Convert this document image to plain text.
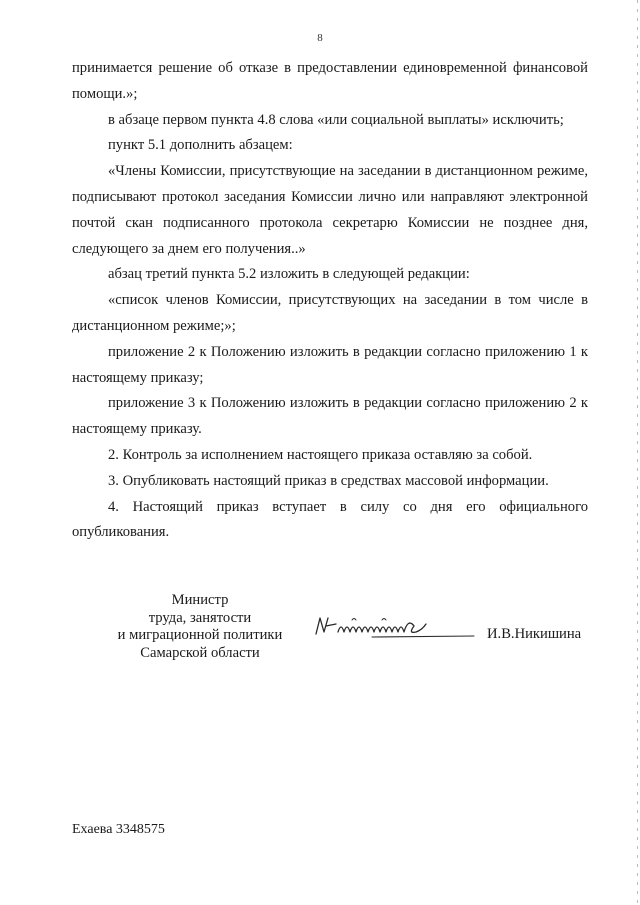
8

принимается решение об отказе в предоставлении единовременной финансовой помощи.»;

в абзаце первом пункта 4.8 слова «или социальной выплаты» исключить;

пункт 5.1 дополнить абзацем:

«Члены Комиссии, присутствующие на заседании в дистанционном режиме, подписывают протокол заседания Комиссии лично или направляют электронной почтой скан подписанного протокола секретарю Комиссии не позднее дня, следующего за днем его получения..»

абзац третий пункта 5.2 изложить в следующей редакции:

«список членов Комиссии, присутствующих на заседании в том числе в дистанционном режиме;»;

приложение 2 к Положению изложить в редакции согласно приложению 1 к настоящему приказу;

приложение 3 к Положению изложить в редакции согласно приложению 2 к настоящему приказу.

2. Контроль за исполнением настоящего приказа оставляю за собой.

3. Опубликовать настоящий приказ в средствах массовой информации.

4. Настоящий приказ вступает в силу со дня его официального опубликования.

Министр
труда, занятости
и миграционной политики
Самарской области
И.В.Никишина
Ехаева 3348575
